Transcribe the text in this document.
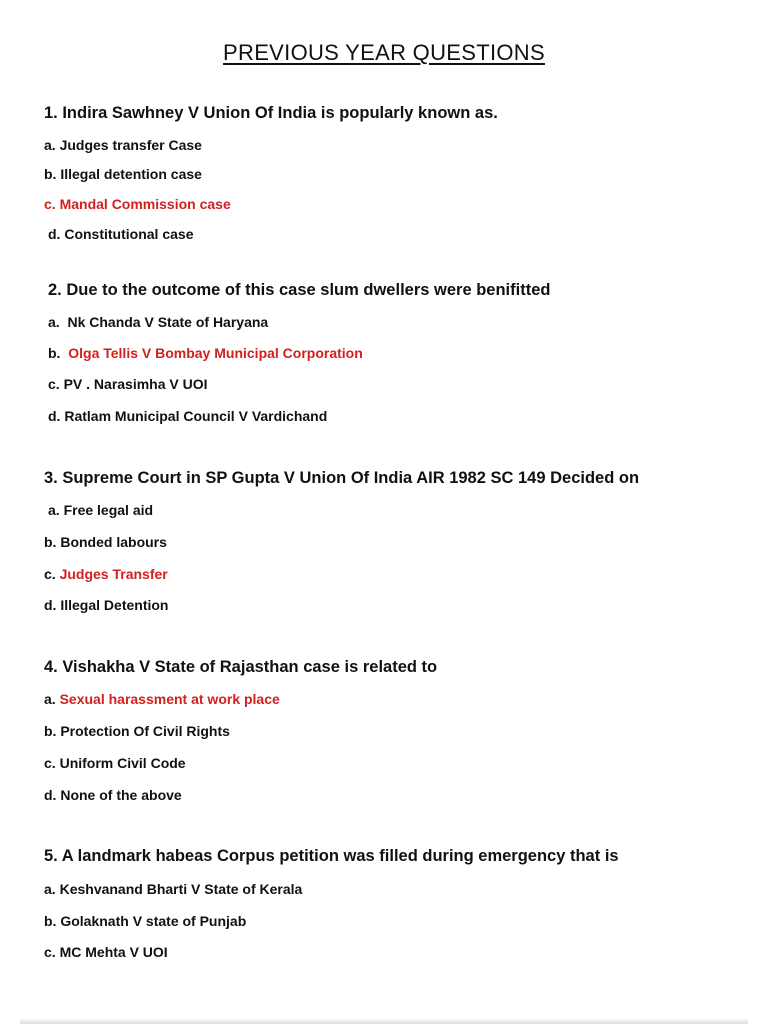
PREVIOUS YEAR QUESTIONS

1. Indira Sawhney V Union Of India is popularly known as.

a. Judges transfer Case

b. Illegal detention case

c. Mandal Commission case

d. Constitutional case

2. Due to the outcome of this case slum dwellers were benifitted

a. Nk Chanda V State of Haryana

b. Olga Tellis V Bombay Municipal Corporation

c. PV . Narasimha V UOI

d. Ratlam Municipal Council V Vardichand

3. Supreme Court in SP Gupta V Union Of India AIR 1982 SC 149 Decided on

a. Free legal aid

b. Bonded labours

c. Judges Transfer

d. Illegal Detention

4. Vishakha V State of Rajasthan case is related to

a. Sexual harassment at work place

b. Protection Of Civil Rights

c. Uniform Civil Code

d. None of the above

5. A landmark habeas Corpus petition was filled during emergency that is

a. Keshvanand Bharti V State of Kerala

b. Golaknath V state of Punjab

c. MC Mehta V UOI
